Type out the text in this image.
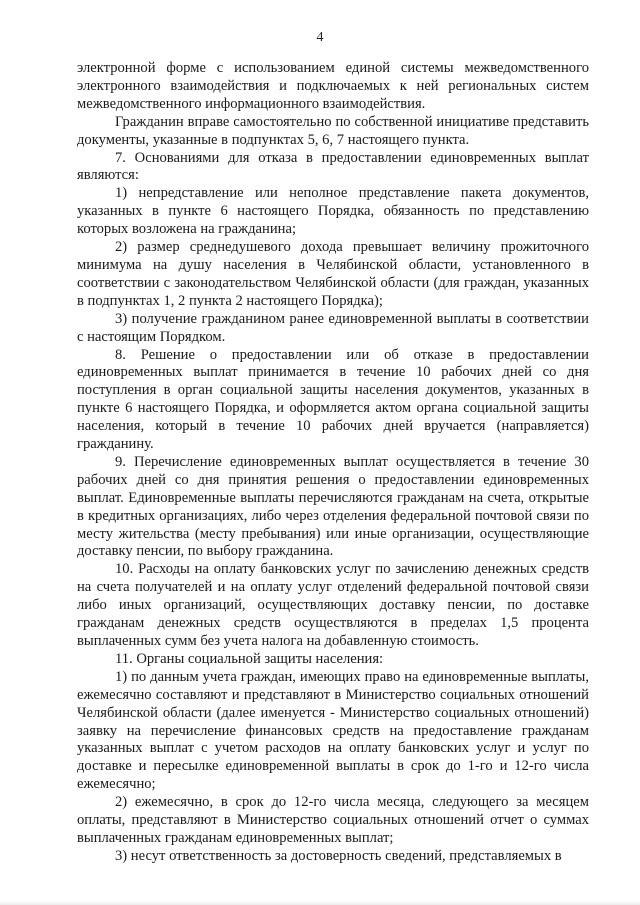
4

электронной форме с использованием единой системы межведомственного электронного взаимодействия и подключаемых к ней региональных систем межведомственного информационного взаимодействия.

Гражданин вправе самостоятельно по собственной инициативе представить документы, указанные в подпунктах 5, 6, 7 настоящего пункта.

7. Основаниями для отказа в предоставлении единовременных выплат являются:

1) непредставление или неполное представление пакета документов, указанных в пункте 6 настоящего Порядка, обязанность по представлению которых возложена на гражданина;

2) размер среднедушевого дохода превышает величину прожиточного минимума на душу населения в Челябинской области, установленного в соответствии с законодательством Челябинской области (для граждан, указанных в подпунктах 1, 2 пункта 2 настоящего Порядка);

3) получение гражданином ранее единовременной выплаты в соответствии с настоящим Порядком.

8. Решение о предоставлении или об отказе в предоставлении единовременных выплат принимается в течение 10 рабочих дней со дня поступления в орган социальной защиты населения документов, указанных в пункте 6 настоящего Порядка, и оформляется актом органа социальной защиты населения, который в течение 10 рабочих дней вручается (направляется) гражданину.

9. Перечисление единовременных выплат осуществляется в течение 30 рабочих дней со дня принятия решения о предоставлении единовременных выплат. Единовременные выплаты перечисляются гражданам на счета, открытые в кредитных организациях, либо через отделения федеральной почтовой связи по месту жительства (месту пребывания) или иные организации, осуществляющие доставку пенсии, по выбору гражданина.

10. Расходы на оплату банковских услуг по зачислению денежных средств на счета получателей и на оплату услуг отделений федеральной почтовой связи либо иных организаций, осуществляющих доставку пенсии, по доставке гражданам денежных средств осуществляются в пределах 1,5 процента выплаченных сумм без учета налога на добавленную стоимость.

11. Органы социальной защиты населения:

1) по данным учета граждан, имеющих право на единовременные выплаты, ежемесячно составляют и представляют в Министерство социальных отношений Челябинской области (далее именуется - Министерство социальных отношений) заявку на перечисление финансовых средств на предоставление гражданам указанных выплат с учетом расходов на оплату банковских услуг и услуг по доставке и пересылке единовременной выплаты в срок до 1-го и 12-го числа ежемесячно;

2) ежемесячно, в срок до 12-го числа месяца, следующего за месяцем оплаты, представляют в Министерство социальных отношений отчет о суммах выплаченных гражданам единовременных выплат;

3) несут ответственность за достоверность сведений, представляемых в
